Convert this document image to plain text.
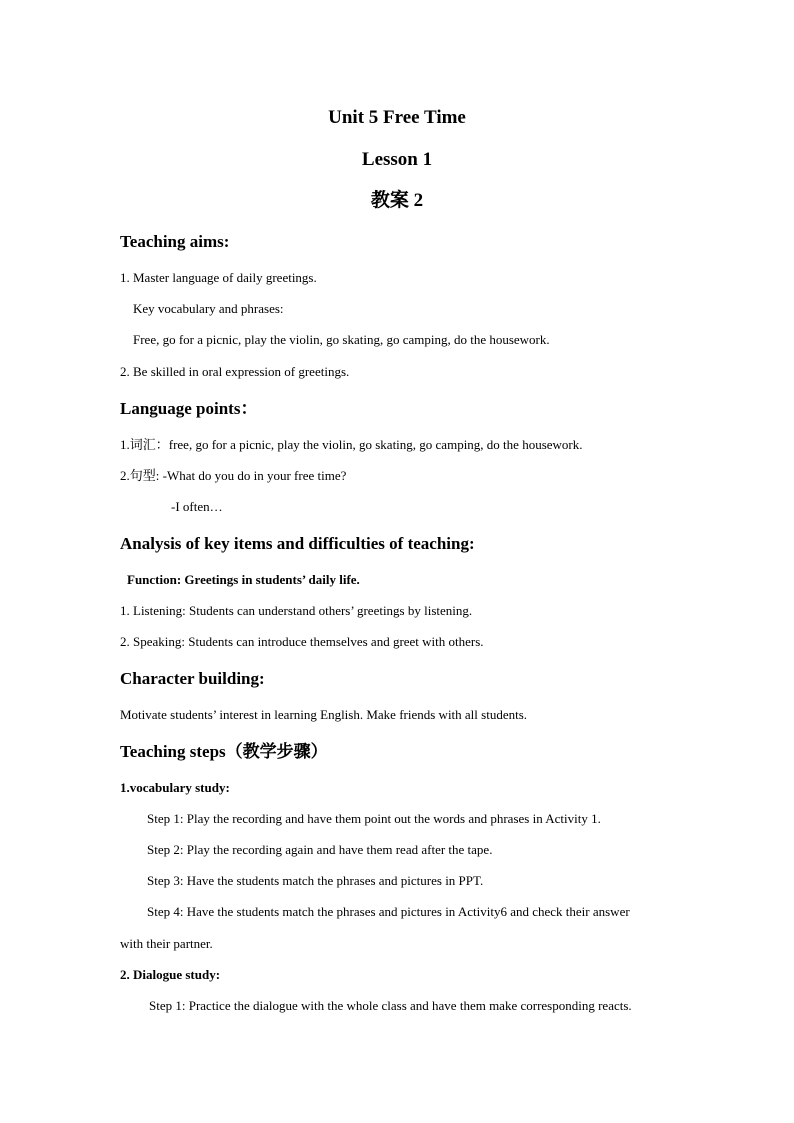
Unit 5 Free Time
Lesson 1
教案 2
Teaching aims:
1. Master language of daily greetings.
Key vocabulary and phrases:
Free, go for a picnic, play the violin, go skating, go camping, do the housework.
2. Be skilled in oral expression of greetings.
Language points：
1.词汇：free, go for a picnic, play the violin, go skating, go camping, do the housework.
2.句型: -What do you do in your free time?
-I often…
Analysis of key items and difficulties of teaching:
Function: Greetings in students’ daily life.
1. Listening: Students can understand others’ greetings by listening.
2. Speaking: Students can introduce themselves and greet with others.
Character building:
Motivate students’ interest in learning English. Make friends with all students.
Teaching steps（教学步骤）
1.vocabulary study:
Step 1: Play the recording and have them point out the words and phrases in Activity 1.
Step 2: Play the recording again and have them read after the tape.
Step 3: Have the students match the phrases and pictures in PPT.
Step 4: Have the students match the phrases and pictures in Activity6 and check their answer
with their partner.
2. Dialogue study:
Step 1: Practice the dialogue with the whole class and have them make corresponding reacts.
